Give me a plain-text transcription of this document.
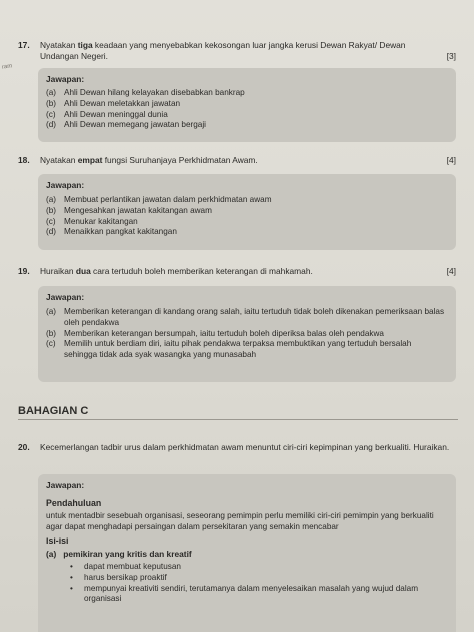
ram
17. Nyatakan tiga keadaan yang menyebabkan kekosongan luar jangka kerusi Dewan Rakyat/ Dewan Undangan Negeri.	[3]
Jawapan:
(a) Ahli Dewan hilang kelayakan disebabkan bankrap
(b) Ahli Dewan meletakkan jawatan
(c) Ahli Dewan meninggal dunia
(d) Ahli Dewan memegang jawatan bergaji
18. Nyatakan empat fungsi Suruhanjaya Perkhidmatan Awam.	[4]
Jawapan:
(a) Membuat perlantikan jawatan dalam perkhidmatan awam
(b) Mengesahkan jawatan kakitangan awam
(c) Menukar kakitangan
(d) Menaikkan pangkat kakitangan
19. Huraikan dua cara tertuduh boleh memberikan keterangan di mahkamah.	[4]
Jawapan:
(a) Memberikan keterangan di kandang orang salah, iaitu tertuduh tidak boleh dikenakan pemeriksaan balas oleh pendakwa
(b) Memberikan keterangan bersumpah, iaitu tertuduh boleh diperiksa balas oleh pendakwa
(c) Memilih untuk berdiam diri, iaitu pihak pendakwa terpaksa membuktikan yang tertuduh bersalah sehingga tidak ada syak wasangka yang munasabah
BAHAGIAN C
20. Kecemerlangan tadbir urus dalam perkhidmatan awam menuntut ciri-ciri kepimpinan yang berkualiti. Huraikan.
Jawapan:
Pendahuluan
untuk mentadbir sesebuah organisasi, seseorang pemimpin perlu memiliki ciri-ciri pemimpin yang berkualiti agar dapat menghadapi persaingan dalam persekitaran yang semakin mencabar
Isi-isi
(a) pemikiran yang kritis dan kreatif
• dapat membuat keputusan
• harus bersikap proaktif
• mempunyai kreativiti sendiri, terutamanya dalam menyelesaikan masalah yang wujud dalam organisasi
